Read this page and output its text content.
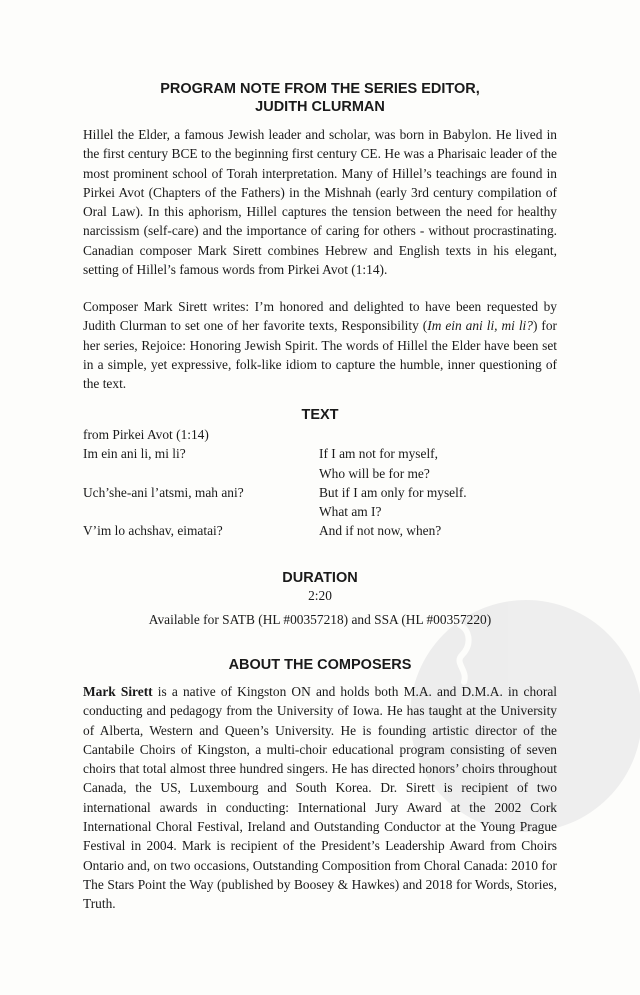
PROGRAM NOTE FROM THE SERIES EDITOR,

JUDITH CLURMAN

Hillel the Elder, a famous Jewish leader and scholar, was born in Babylon. He lived in the first century BCE to the beginning first century CE. He was a Pharisaic leader of the most prominent school of Torah interpretation. Many of Hillel’s teachings are found in Pirkei Avot (Chapters of the Fathers) in the Mishnah (early 3rd century compilation of Oral Law). In this aphorism, Hillel captures the tension between the need for healthy narcissism (self-care) and the importance of caring for others - without procrastinating. Canadian composer Mark Sirett combines Hebrew and English texts in his elegant, setting of Hillel’s famous words from Pirkei Avot (1:14).

Composer Mark Sirett writes: I’m honored and delighted to have been requested by Judith Clurman to set one of her favorite texts, Responsibility (Im ein ani li, mi li?) for her series, Rejoice: Honoring Jewish Spirit. The words of Hillel the Elder have been set in a simple, yet expressive, folk-like idiom to capture the humble, inner questioning of the text.

TEXT

from Pirkei Avot (1:14)
Im ein ani li, mi li?	If I am not for myself,
Who will be for me?
Uch’she-ani l’atsmi, mah ani?	But if I am only for myself.
What am I?
V’im lo achshav, eimatai?	And if not now, when?

DURATION

2:20
Available for SATB (HL #00357218) and SSA (HL #00357220)

ABOUT THE COMPOSERS

Mark Sirett is a native of Kingston ON and holds both M.A. and D.M.A. in choral conducting and pedagogy from the University of Iowa. He has taught at the University of Alberta, Western and Queen’s University. He is founding artistic director of the Cantabile Choirs of Kingston, a multi-choir educational program consisting of seven choirs that total almost three hundred singers. He has directed honors’ choirs throughout Canada, the US, Luxembourg and South Korea. Dr. Sirett is recipient of two international awards in conducting: International Jury Award at the 2002 Cork International Choral Festival, Ireland and Outstanding Conductor at the Young Prague Festival in 2004. Mark is recipient of the President’s Leadership Award from Choirs Ontario and, on two occasions, Outstanding Composition from Choral Canada: 2010 for The Stars Point the Way (published by Boosey & Hawkes) and 2018 for Words, Stories, Truth.
